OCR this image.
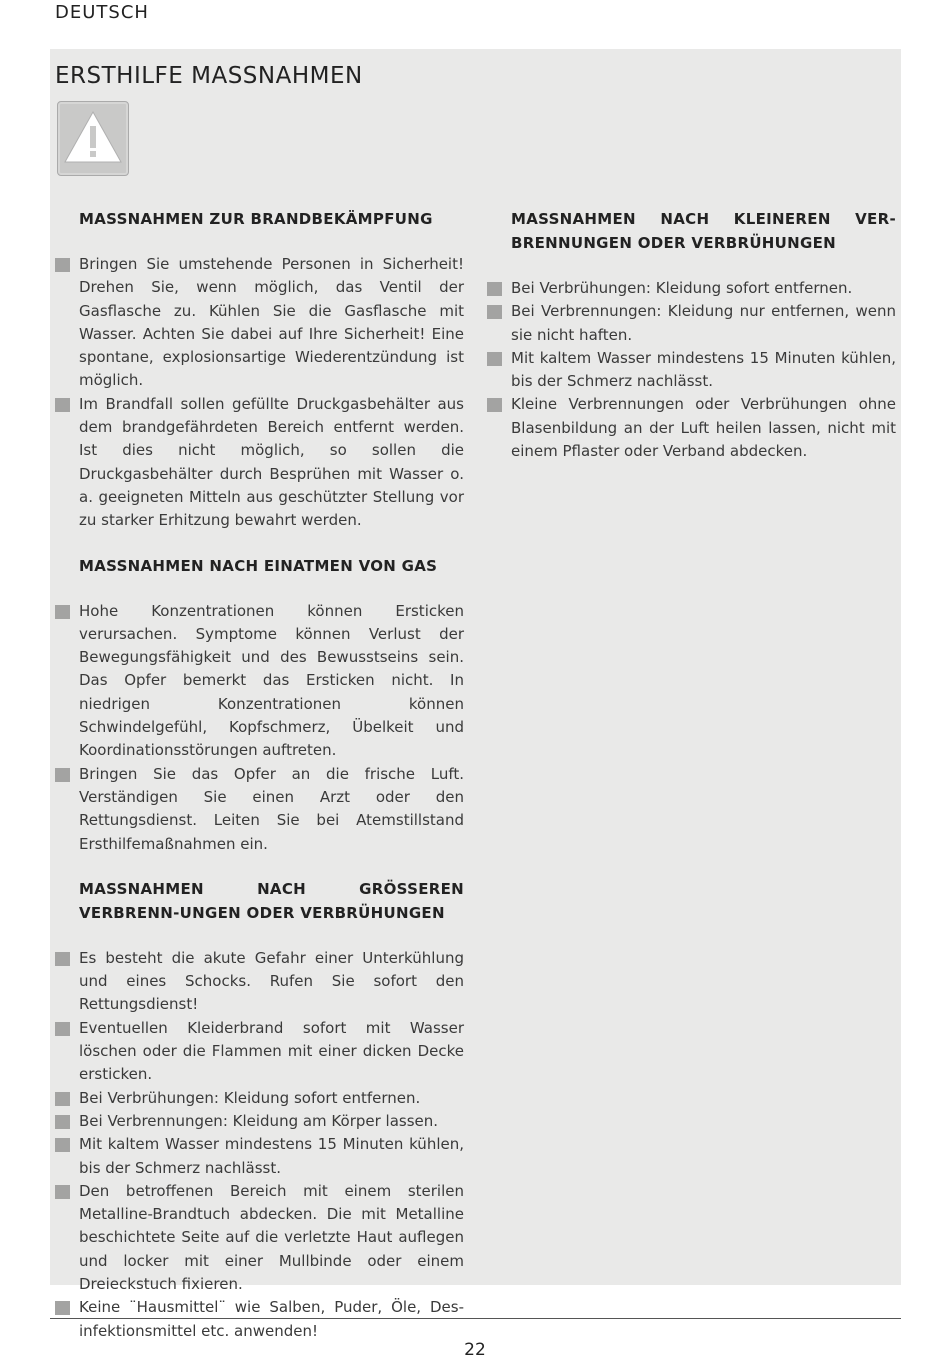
DEUTSCH
ERSTHILFE MASSNAHMEN
MASSNAHMEN ZUR BRANDBEKÄMPFUNG
Bringen Sie umstehende Personen in Sicherheit! Drehen Sie, wenn möglich, das Ventil der Gasflasche zu. Kühlen Sie die Gasflasche mit Wasser. Achten Sie dabei auf Ihre Sicherheit! Eine spontane, explosionsartige Wiederentzündung ist möglich.
Im Brandfall sollen gefüllte Druckgasbehälter aus dem brandgefährdeten Bereich entfernt werden. Ist dies nicht möglich, so sollen die Druckgasbehälter durch Besprühen mit Wasser o. a. geeigneten Mitteln aus geschützter Stellung vor zu starker Erhitzung bewahrt werden.
MASSNAHMEN NACH EINATMEN VON GAS
Hohe Konzentrationen können Ersticken verursachen. Symptome können Verlust der Bewegungsfähigkeit und des Bewusstseins sein. Das Opfer bemerkt das Ersticken nicht. In niedrigen Konzentrationen können Schwindelgefühl, Kopfschmerz, Übelkeit und Koordinationsstörungen auftreten.
Bringen Sie das Opfer an die frische Luft. Verständigen Sie einen Arzt oder den Rettungsdienst. Leiten Sie bei Atemstillstand Ersthilfemaßnahmen ein.
MASSNAHMEN NACH GRÖSSEREN VERBRENN-UNGEN ODER VERBRÜHUNGEN
Es besteht die akute Gefahr einer Unterkühlung und eines Schocks. Rufen Sie sofort den Rettungsdienst!
Eventuellen Kleiderbrand sofort mit Wasser löschen oder die Flammen mit einer dicken Decke ersticken.
Bei Verbrühungen: Kleidung sofort entfernen.
Bei Verbrennungen: Kleidung am Körper lassen.
Mit kaltem Wasser mindestens 15 Minuten kühlen, bis der Schmerz nachlässt.
Den betroffenen Bereich mit einem sterilen Metalline-Brandtuch abdecken. Die mit Metalline beschichtete Seite auf die verletzte Haut auflegen und locker mit einer Mullbinde oder einem Dreieckstuch fixieren.
Keine ¨Hausmittel¨ wie Salben, Puder, Öle, Des-infektionsmittel etc. anwenden!
MASSNAHMEN NACH KLEINEREN VER-BRENNUNGEN ODER VERBRÜHUNGEN
Bei Verbrühungen: Kleidung sofort entfernen.
Bei Verbrennungen: Kleidung nur entfernen, wenn sie nicht haften.
Mit kaltem Wasser mindestens 15 Minuten kühlen, bis der Schmerz nachlässt.
Kleine Verbrennungen oder Verbrühungen ohne Blasenbildung an der Luft heilen lassen, nicht mit einem Pflaster oder Verband abdecken.
22
